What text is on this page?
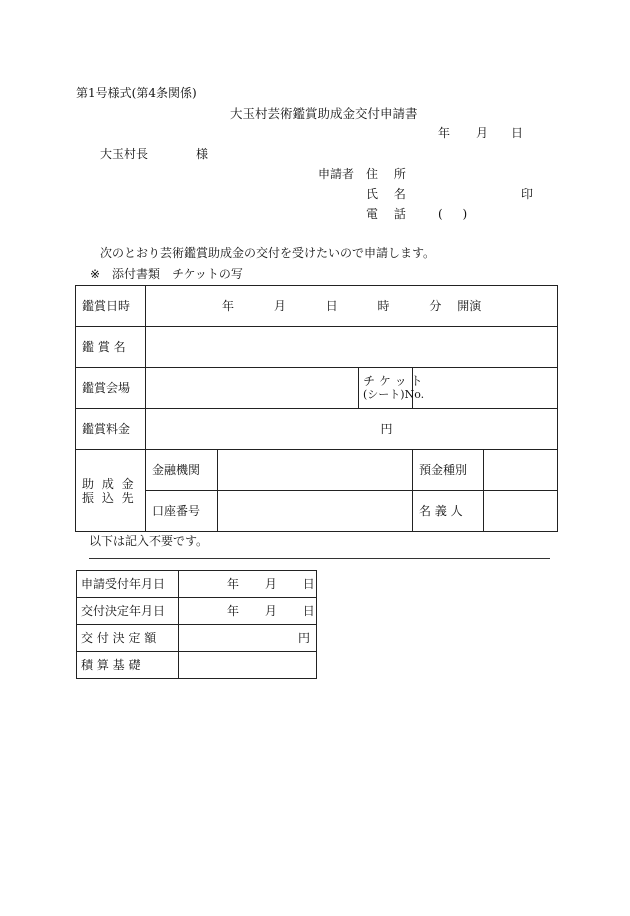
第1号様式(第4条関係)
大玉村芸術鑑賞助成金交付申請書
年 月 日
大玉村長	様
申請者 住 所
氏 名	印
電 話 ( )
次のとおり芸術鑑賞助成金の交付を受けたいので申請します。
※ 添付書類 チケットの写
鑑賞日時	年 月 日 時 分 開演				
鑑 賞 名					
鑑賞会場			チ ケ ッ ト
(シート)No.		

鑑賞料金	円				

助 成 金
振 込 先	金融機関			預金種別	
	口座番号			名 義 人	
以下は記入不要です。
申請受付年月日	年 月 日
交付決定年月日	年 月 日
交 付 決 定 額	円
積 算 基 礎	
